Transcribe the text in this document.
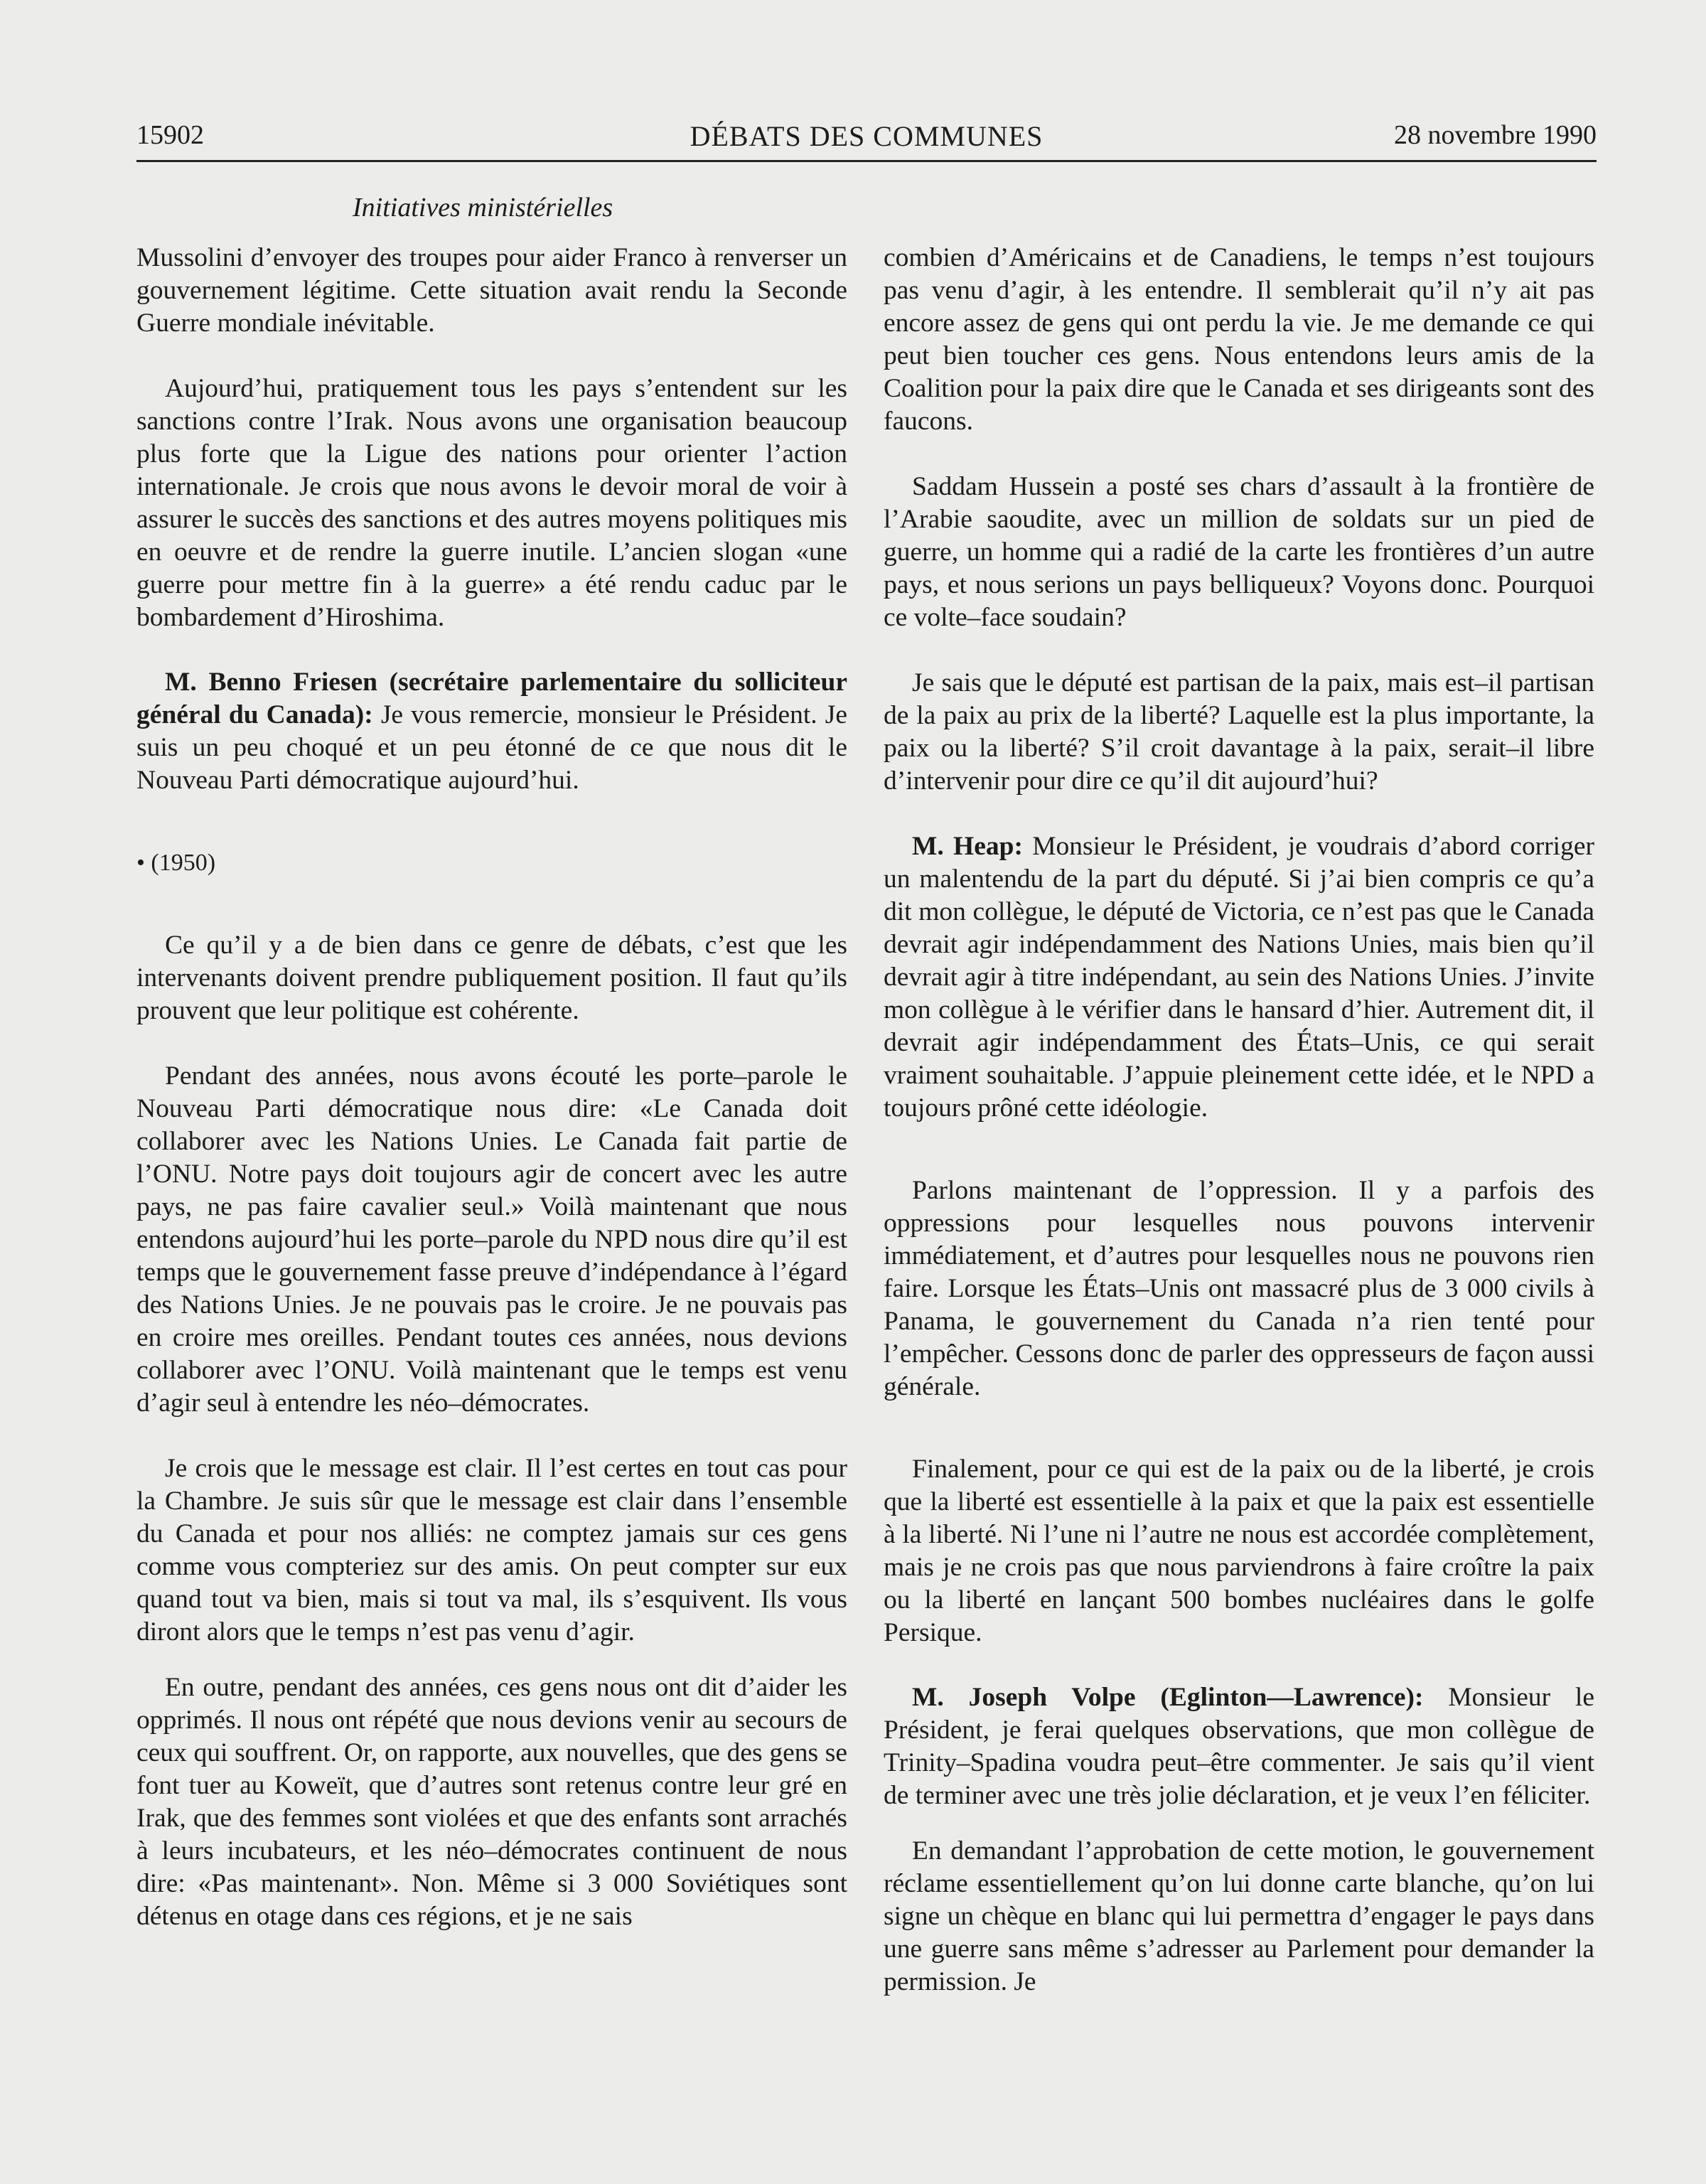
15902	DÉBATS DES COMMUNES	28 novembre 1990
Initiatives ministérielles

Mussolini d’envoyer des troupes pour aider Franco à renverser un gouvernement légitime. Cette situation avait rendu la Seconde Guerre mondiale inévitable.

Aujourd’hui, pratiquement tous les pays s’entendent sur les sanctions contre l’Irak. Nous avons une organisation beaucoup plus forte que la Ligue des nations pour orienter l’action internationale. Je crois que nous avons le devoir moral de voir à assurer le succès des sanctions et des autres moyens politiques mis en oeuvre et de rendre la guerre inutile. L’ancien slogan «une guerre pour mettre fin à la guerre» a été rendu caduc par le bombardement d’Hiroshima.

M. Benno Friesen (secrétaire parlementaire du solliciteur général du Canada): Je vous remercie, monsieur le Président. Je suis un peu choqué et un peu étonné de ce que nous dit le Nouveau Parti démocratique aujourd’hui.

• (1950)

Ce qu’il y a de bien dans ce genre de débats, c’est que les intervenants doivent prendre publiquement position. Il faut qu’ils prouvent que leur politique est cohérente.

Pendant des années, nous avons écouté les porte–parole le Nouveau Parti démocratique nous dire: «Le Canada doit collaborer avec les Nations Unies. Le Canada fait partie de l’ONU. Notre pays doit toujours agir de concert avec les autre pays, ne pas faire cavalier seul.» Voilà maintenant que nous entendons aujourd’hui les porte–parole du NPD nous dire qu’il est temps que le gouvernement fasse preuve d’indépendance à l’égard des Nations Unies. Je ne pouvais pas le croire. Je ne pouvais pas en croire mes oreilles. Pendant toutes ces années, nous devions collaborer avec l’ONU. Voilà maintenant que le temps est venu d’agir seul à entendre les néo–démocrates.

Je crois que le message est clair. Il l’est certes en tout cas pour la Chambre. Je suis sûr que le message est clair dans l’ensemble du Canada et pour nos alliés: ne comptez jamais sur ces gens comme vous compteriez sur des amis. On peut compter sur eux quand tout va bien, mais si tout va mal, ils s’esquivent. Ils vous diront alors que le temps n’est pas venu d’agir.

En outre, pendant des années, ces gens nous ont dit d’aider les opprimés. Il nous ont répété que nous devions venir au secours de ceux qui souffrent. Or, on rapporte, aux nouvelles, que des gens se font tuer au Koweït, que d’autres sont retenus contre leur gré en Irak, que des femmes sont violées et que des enfants sont arrachés à leurs incubateurs, et les néo–démocrates continuent de nous dire: «Pas maintenant». Non. Même si 3 000 Soviétiques sont détenus en otage dans ces régions, et je ne sais

combien d’Américains et de Canadiens, le temps n’est toujours pas venu d’agir, à les entendre. Il semblerait qu’il n’y ait pas encore assez de gens qui ont perdu la vie. Je me demande ce qui peut bien toucher ces gens. Nous entendons leurs amis de la Coalition pour la paix dire que le Canada et ses dirigeants sont des faucons.

Saddam Hussein a posté ses chars d’assault à la frontière de l’Arabie saoudite, avec un million de soldats sur un pied de guerre, un homme qui a radié de la carte les frontières d’un autre pays, et nous serions un pays belliqueux? Voyons donc. Pourquoi ce volte–face soudain?

Je sais que le député est partisan de la paix, mais est–il partisan de la paix au prix de la liberté? Laquelle est la plus importante, la paix ou la liberté? S’il croit davantage à la paix, serait–il libre d’intervenir pour dire ce qu’il dit aujourd’hui?

M. Heap: Monsieur le Président, je voudrais d’abord corriger un malentendu de la part du député. Si j’ai bien compris ce qu’a dit mon collègue, le député de Victoria, ce n’est pas que le Canada devrait agir indépendamment des Nations Unies, mais bien qu’il devrait agir à titre indépendant, au sein des Nations Unies. J’invite mon collègue à le vérifier dans le hansard d’hier. Autrement dit, il devrait agir indépendamment des États–Unis, ce qui serait vraiment souhaitable. J’appuie pleinement cette idée, et le NPD a toujours prôné cette idéologie.

Parlons maintenant de l’oppression. Il y a parfois des oppressions pour lesquelles nous pouvons intervenir immédiatement, et d’autres pour lesquelles nous ne pouvons rien faire. Lorsque les États–Unis ont massacré plus de 3 000 civils à Panama, le gouvernement du Canada n’a rien tenté pour l’empêcher. Cessons donc de parler des oppresseurs de façon aussi générale.

Finalement, pour ce qui est de la paix ou de la liberté, je crois que la liberté est essentielle à la paix et que la paix est essentielle à la liberté. Ni l’une ni l’autre ne nous est accordée complètement, mais je ne crois pas que nous parviendrons à faire croître la paix ou la liberté en lançant 500 bombes nucléaires dans le golfe Persique.

M. Joseph Volpe (Eglinton—Lawrence): Monsieur le Président, je ferai quelques observations, que mon collègue de Trinity–Spadina voudra peut–être commenter. Je sais qu’il vient de terminer avec une très jolie déclaration, et je veux l’en féliciter.

En demandant l’approbation de cette motion, le gouvernement réclame essentiellement qu’on lui donne carte blanche, qu’on lui signe un chèque en blanc qui lui permettra d’engager le pays dans une guerre sans même s’adresser au Parlement pour demander la permission. Je
